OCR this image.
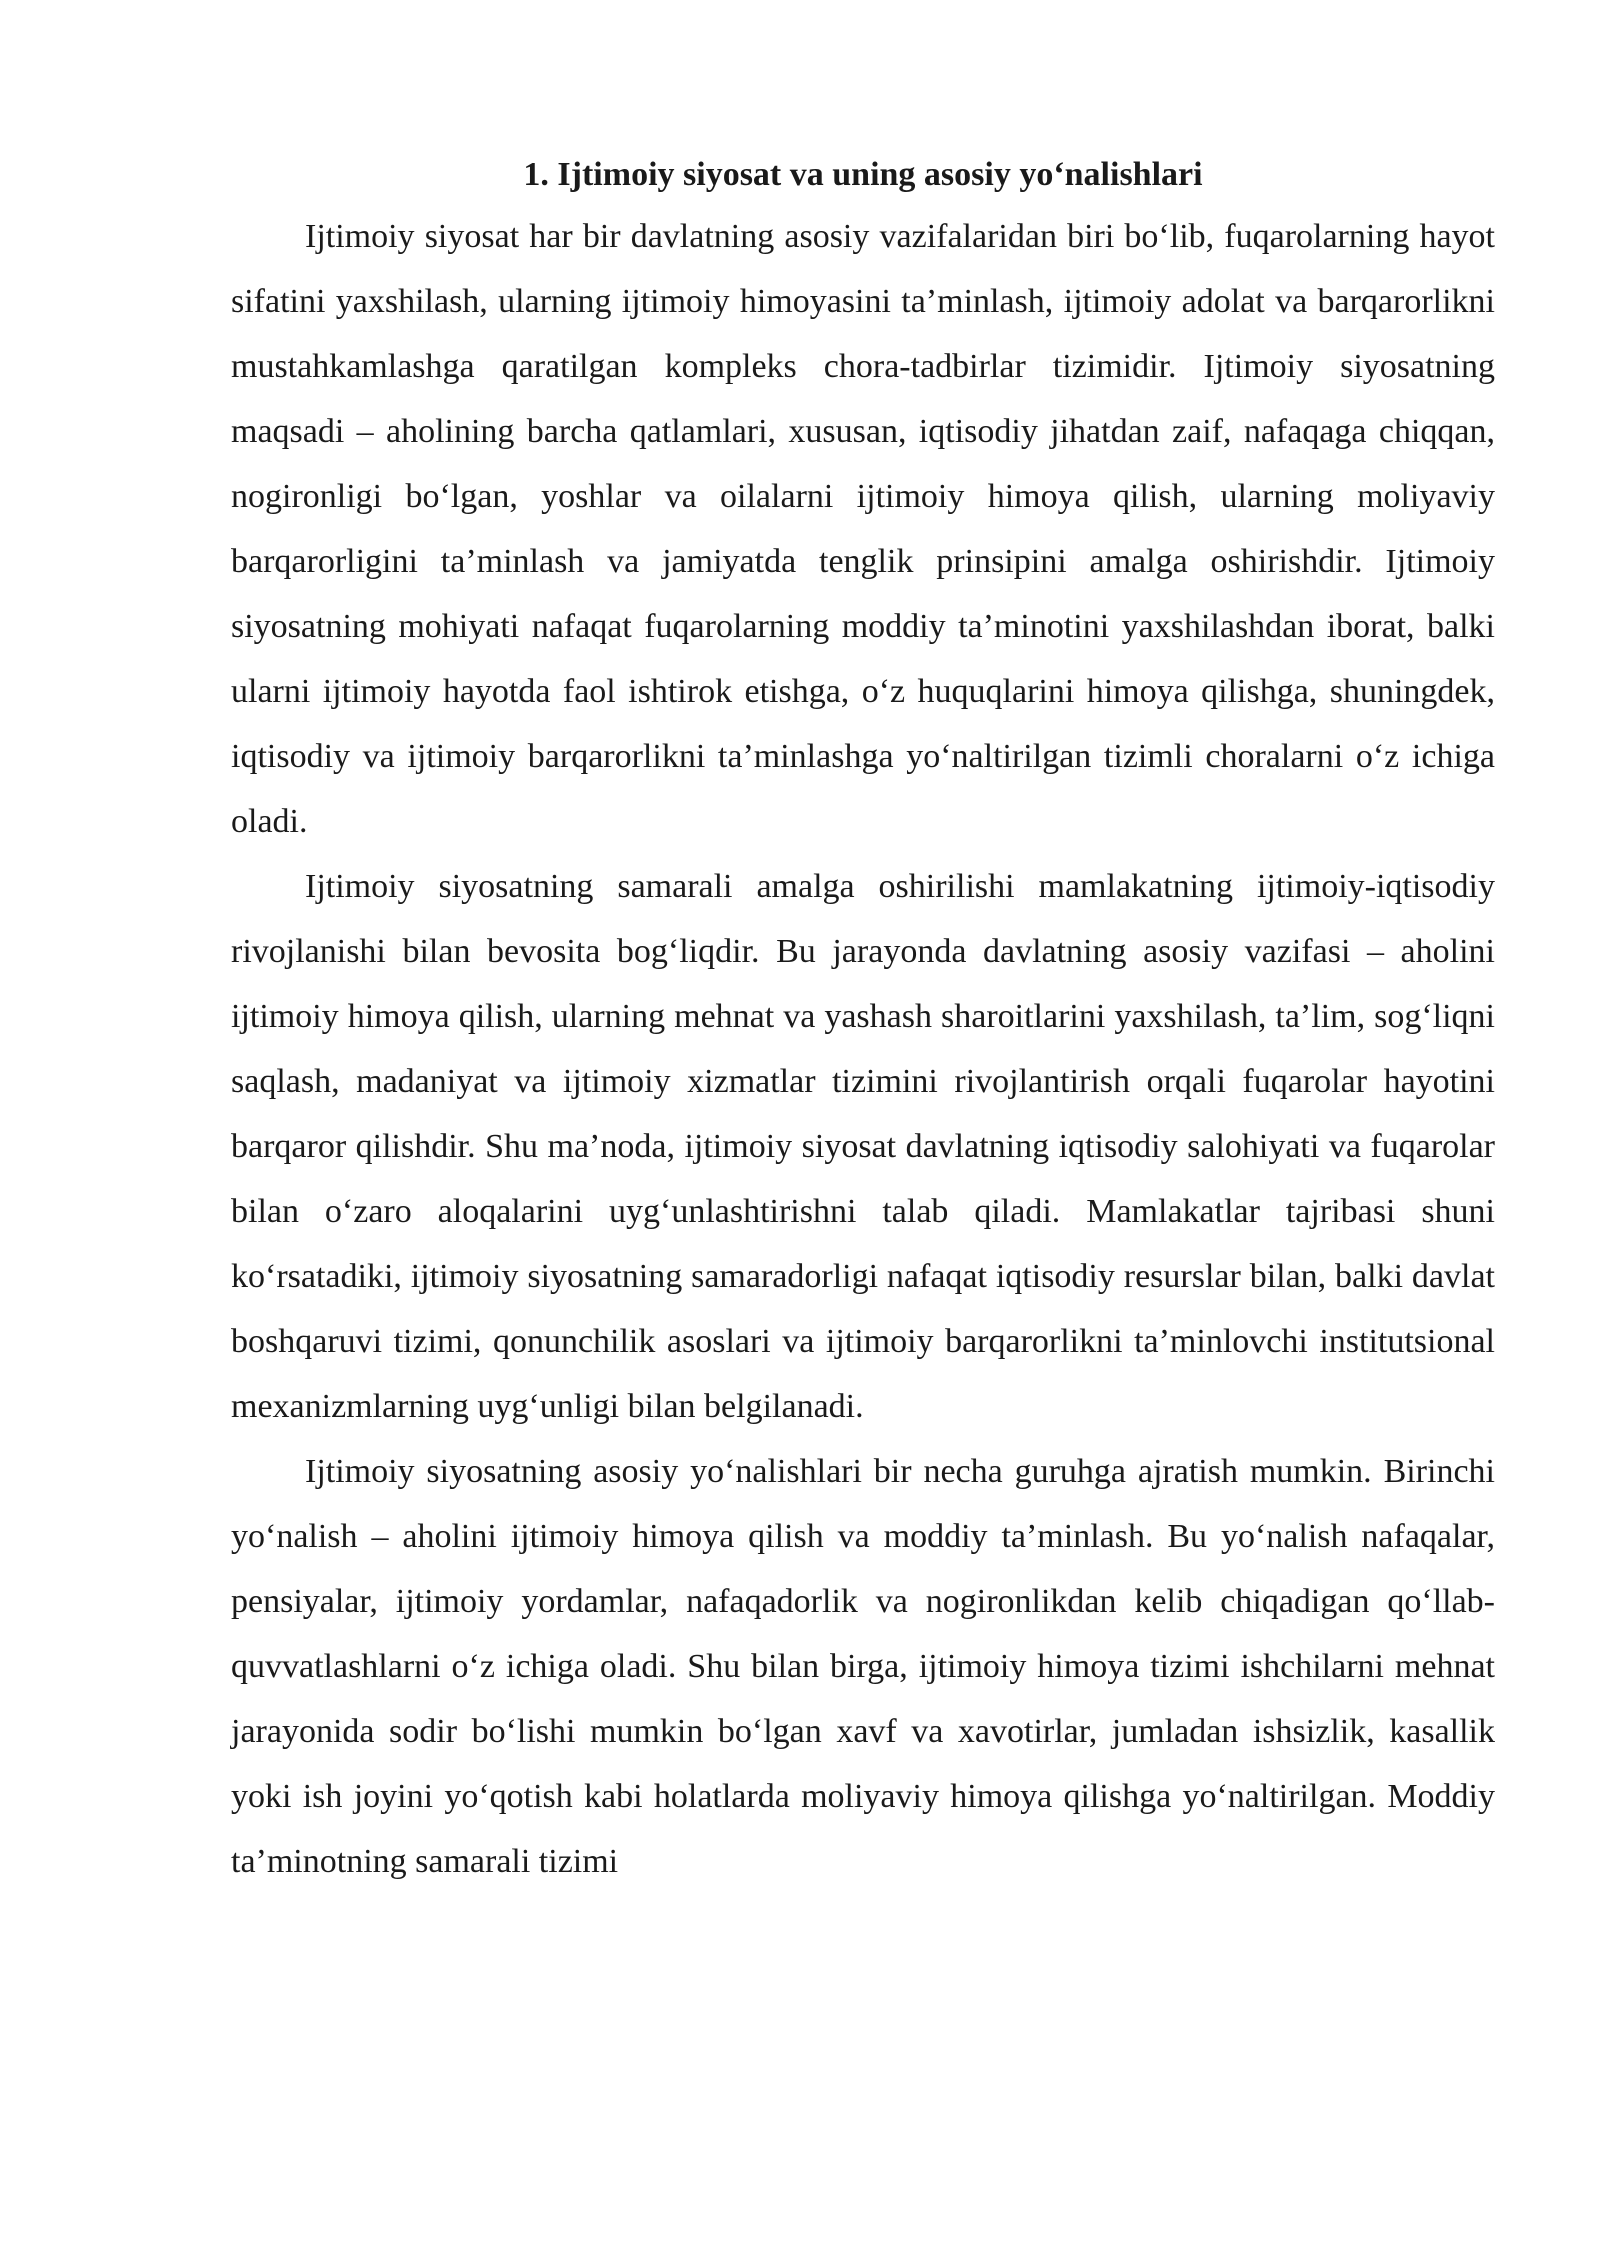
1. Ijtimoiy siyosat va uning asosiy yo‘nalishlari

Ijtimoiy siyosat har bir davlatning asosiy vazifalaridan biri bo‘lib, fuqarolarning hayot sifatini yaxshilash, ularning ijtimoiy himoyasini ta’minlash, ijtimoiy adolat va barqarorlikni mustahkamlashga qaratilgan kompleks chora-tadbirlar tizimidir. Ijtimoiy siyosatning maqsadi – aholining barcha qatlamlari, xususan, iqtisodiy jihatdan zaif, nafaqaga chiqqan, nogironligi bo‘lgan, yoshlar va oilalarni ijtimoiy himoya qilish, ularning moliyaviy barqarorligini ta’minlash va jamiyatda tenglik prinsipini amalga oshirishdir. Ijtimoiy siyosatning mohiyati nafaqat fuqarolarning moddiy ta’minotini yaxshilashdan iborat, balki ularni ijtimoiy hayotda faol ishtirok etishga, o‘z huquqlarini himoya qilishga, shuningdek, iqtisodiy va ijtimoiy barqarorlikni ta’minlashga yo‘naltirilgan tizimli choralarni o‘z ichiga oladi.

Ijtimoiy siyosatning samarali amalga oshirilishi mamlakatning ijtimoiy-iqtisodiy rivojlanishi bilan bevosita bog‘liqdir. Bu jarayonda davlatning asosiy vazifasi – aholini ijtimoiy himoya qilish, ularning mehnat va yashash sharoitlarini yaxshilash, ta’lim, sog‘liqni saqlash, madaniyat va ijtimoiy xizmatlar tizimini rivojlantirish orqali fuqarolar hayotini barqaror qilishdir. Shu ma’noda, ijtimoiy siyosat davlatning iqtisodiy salohiyati va fuqarolar bilan o‘zaro aloqalarini uyg‘unlashtirishni talab qiladi. Mamlakatlar tajribasi shuni ko‘rsatadiki, ijtimoiy siyosatning samaradorligi nafaqat iqtisodiy resurslar bilan, balki davlat boshqaruvi tizimi, qonunchilik asoslari va ijtimoiy barqarorlikni ta’minlovchi institutsional mexanizmlarning uyg‘unligi bilan belgilanadi.

Ijtimoiy siyosatning asosiy yo‘nalishlari bir necha guruhga ajratish mumkin. Birinchi yo‘nalish – aholini ijtimoiy himoya qilish va moddiy ta’minlash. Bu yo‘nalish nafaqalar, pensiyalar, ijtimoiy yordamlar, nafaqadorlik va nogironlikdan kelib chiqadigan qo‘llab-quvvatlashlarni o‘z ichiga oladi. Shu bilan birga, ijtimoiy himoya tizimi ishchilarni mehnat jarayonida sodir bo‘lishi mumkin bo‘lgan xavf va xavotirlar, jumladan ishsizlik, kasallik yoki ish joyini yo‘qotish kabi holatlarda moliyaviy himoya qilishga yo‘naltirilgan. Moddiy ta’minotning samarali tizimi
